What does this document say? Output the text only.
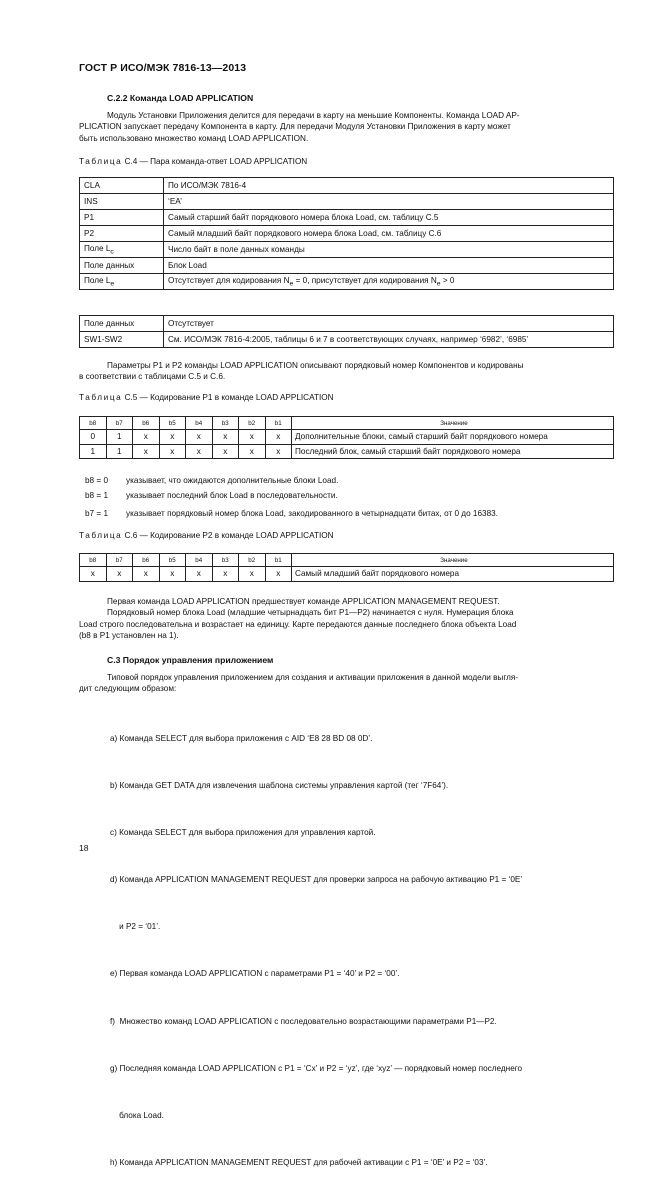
ГОСТ Р ИСО/МЭК 7816-13—2013
С.2.2 Команда LOAD APPLICATION
Модуль Установки Приложения делится для передачи в карту на меньшие Компоненты. Команда LOAD AP-
PLICATION запускает передачу Компонента в карту. Для передачи Модуля Установки Приложения в карту может
быть использовано множество команд LOAD APPLICATION.
Таблица С.4 — Пара команда-ответ LOAD APPLICATION
CLA	По ИСО/МЭК 7816-4
INS	‘EA’
P1	Самый старший байт порядкового номера блока Load, см. таблицу С.5
P2	Самый младший байт порядкового номера блока Load, см. таблицу С.6
Поле $L_c$	Число байт в поле данных команды
Поле данных	Блок Load
Поле $L_e$	Отсутствует для кодирования $N_e = 0$, присутствует для кодирования $N_e > 0$
Поле данных	Отсутствует
SW1-SW2	См. ИСО/МЭК 7816-4:2005, таблицы 6 и 7 в соответствующих случаях, например ‘6982’, ‘6985’
Параметры P1 и P2 команды LOAD APPLICATION описывают порядковый номер Компонентов и кодированы
в соответствии с таблицами С.5 и С.6.
Таблица С.5 — Кодирование P1 в команде LOAD APPLICATION
b8	b7	b6	b5	b4	b3	b2	b1	Значение
0	1	x	x	x	x	x	x	Дополнительные блоки, самый старший байт порядкового номера
1	1	x	x	x	x	x	x	Последний блок, самый старший байт порядкового номера
b8 = 0 указывает, что ожидаются дополнительные блоки Load.
b8 = 1 указывает последний блок Load в последовательности.
b7 = 1 указывает порядковый номер блока Load, закодированного в четырнадцати битах, от 0 до 16383.
Таблица С.6 — Кодирование P2 в команде LOAD APPLICATION
b8	b7	b6	b5	b4	b3	b2	b1	Значение
x	x	x	x	x	x	x	x	Самый младший байт порядкового номера
Первая команда LOAD APPLICATION предшествует команде APPLICATION MANAGEMENT REQUEST.
Порядковый номер блока Load (младшие четырнадцать бит P1—P2) начинается с нуля. Нумерация блока
Load строго последовательна и возрастает на единицу. Карте передаются данные последнего блока объекта Load
(b8 в P1 установлен на 1).
С.3 Порядок управления приложением
Типовой порядок управления приложением для создания и активации приложения в данной модели выгля-
дит следующим образом:

a) Команда SELECT для выбора приложения с AID ‘E8 28 BD 08 0D’.

b) Команда GET DATA для извлечения шаблона системы управления картой (тег ‘7F64’).

c) Команда SELECT для выбора приложения для управления картой.

d) Команда APPLICATION MANAGEMENT REQUEST для проверки запроса на рабочую активацию P1 = ‘0E’

и P2 = ‘01’.

e) Первая команда LOAD APPLICATION с параметрами P1 = ‘40’ и P2 = ‘00’.

f)  Множество команд LOAD APPLICATION с последовательно возрастающими параметрами P1—P2.

g) Последняя команда LOAD APPLICATION с P1 = ‘Cx’ и P2 = ‘yz’, где ‘xyz’ — порядковый номер последнего

блока Load.

h) Команда APPLICATION MANAGEMENT REQUEST для рабочей активации с P1 = ‘0E’ и P2 = ‘03’.

18
